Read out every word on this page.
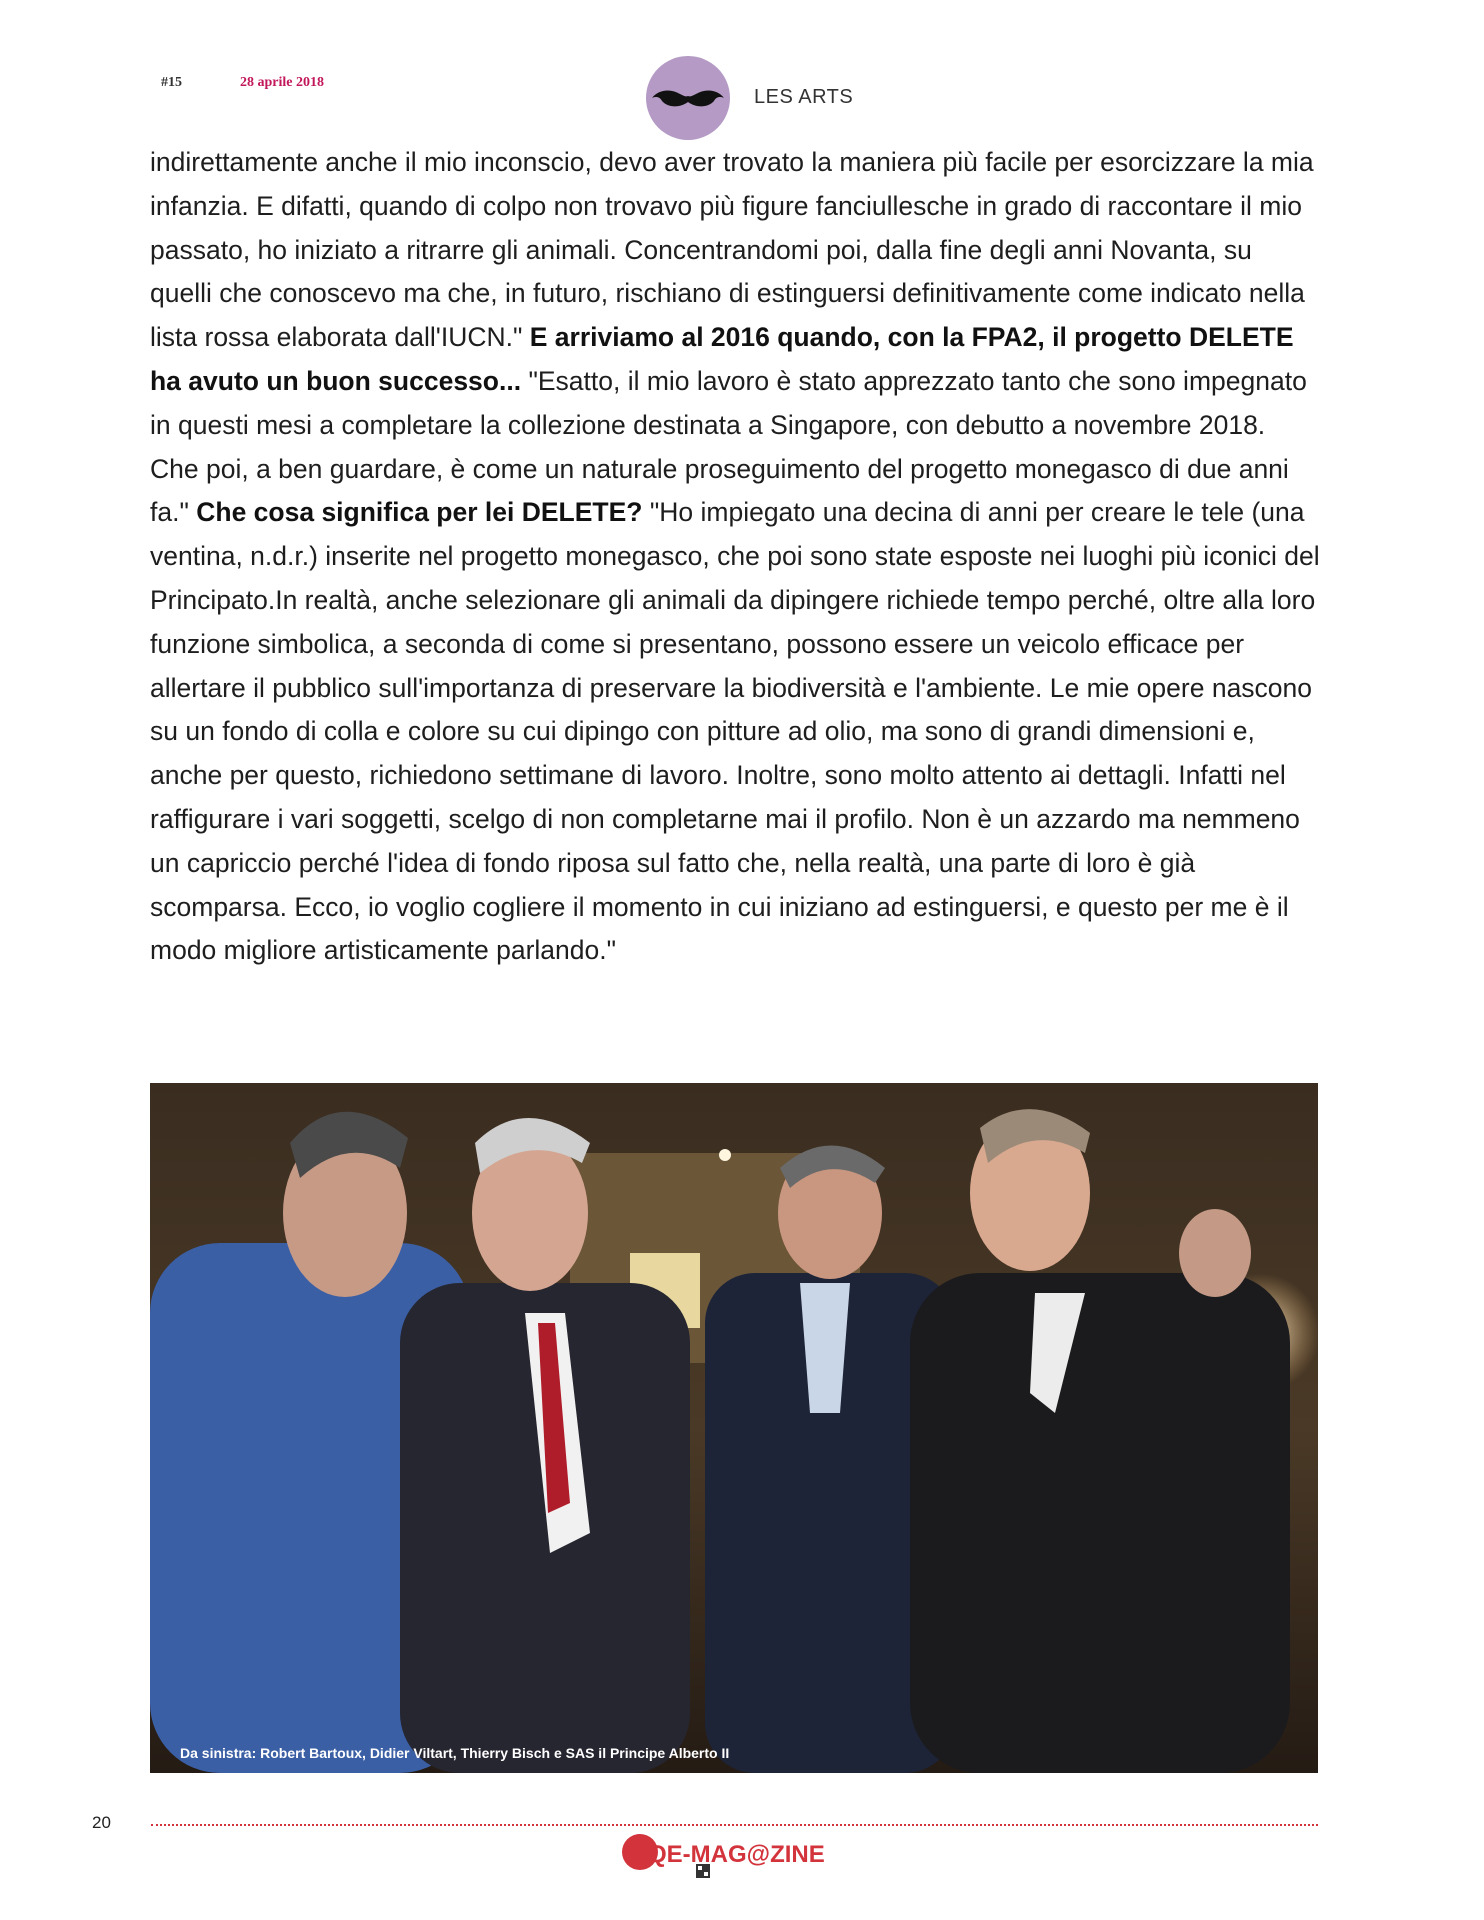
#15	28 aprile 2018
LES ARTS
indirettamente anche il mio inconscio, devo aver trovato la maniera più facile per esorcizzare la mia infanzia. E difatti, quando di colpo non trovavo più figure fanciullesche in grado di raccontare il mio passato, ho iniziato a ritrarre gli animali. Concentrandomi poi, dalla fine degli anni Novanta, su quelli che conoscevo ma che, in futuro, rischiano di estinguersi definitivamente come indicato nella lista rossa elaborata dall'IUCN." E arriviamo al 2016 quando, con la FPA2, il progetto DELETE ha avuto un buon successo... "Esatto, il mio lavoro è stato apprezzato tanto che sono impegnato in questi mesi a completare la collezione destinata a Singapore, con debutto a novembre 2018. Che poi, a ben guardare, è come un naturale proseguimento del progetto monegasco di due anni fa." Che cosa significa per lei DELETE? "Ho impiegato una decina di anni per creare le tele (una ventina, n.d.r.) inserite nel progetto monegasco, che poi sono state esposte nei luoghi più iconici del Principato.In realtà, anche selezionare gli animali da dipingere richiede tempo perché, oltre alla loro funzione simbolica, a seconda di come si presentano, possono essere un veicolo efficace per allertare il pubblico sull'importanza di preservare la biodiversità e l'ambiente. Le mie opere nascono su un fondo di colla e colore su cui dipingo con pitture ad olio, ma sono di grandi dimensioni e, anche per questo, richiedono settimane di lavoro. Inoltre, sono molto attento ai dettagli. Infatti nel raffigurare i vari soggetti, scelgo di non completarne mai il profilo. Non è un azzardo ma nemmeno un capriccio perché l'idea di fondo riposa sul fatto che, nella realtà, una parte di loro è già scomparsa. Ecco, io voglio cogliere il momento in cui iniziano ad estinguersi, e questo per me è il modo migliore artisticamente parlando."
Da sinistra: Robert Bartoux, Didier Viltart, Thierry Bisch e SAS il Principe Alberto II
20
QE-MAG@ZINE
